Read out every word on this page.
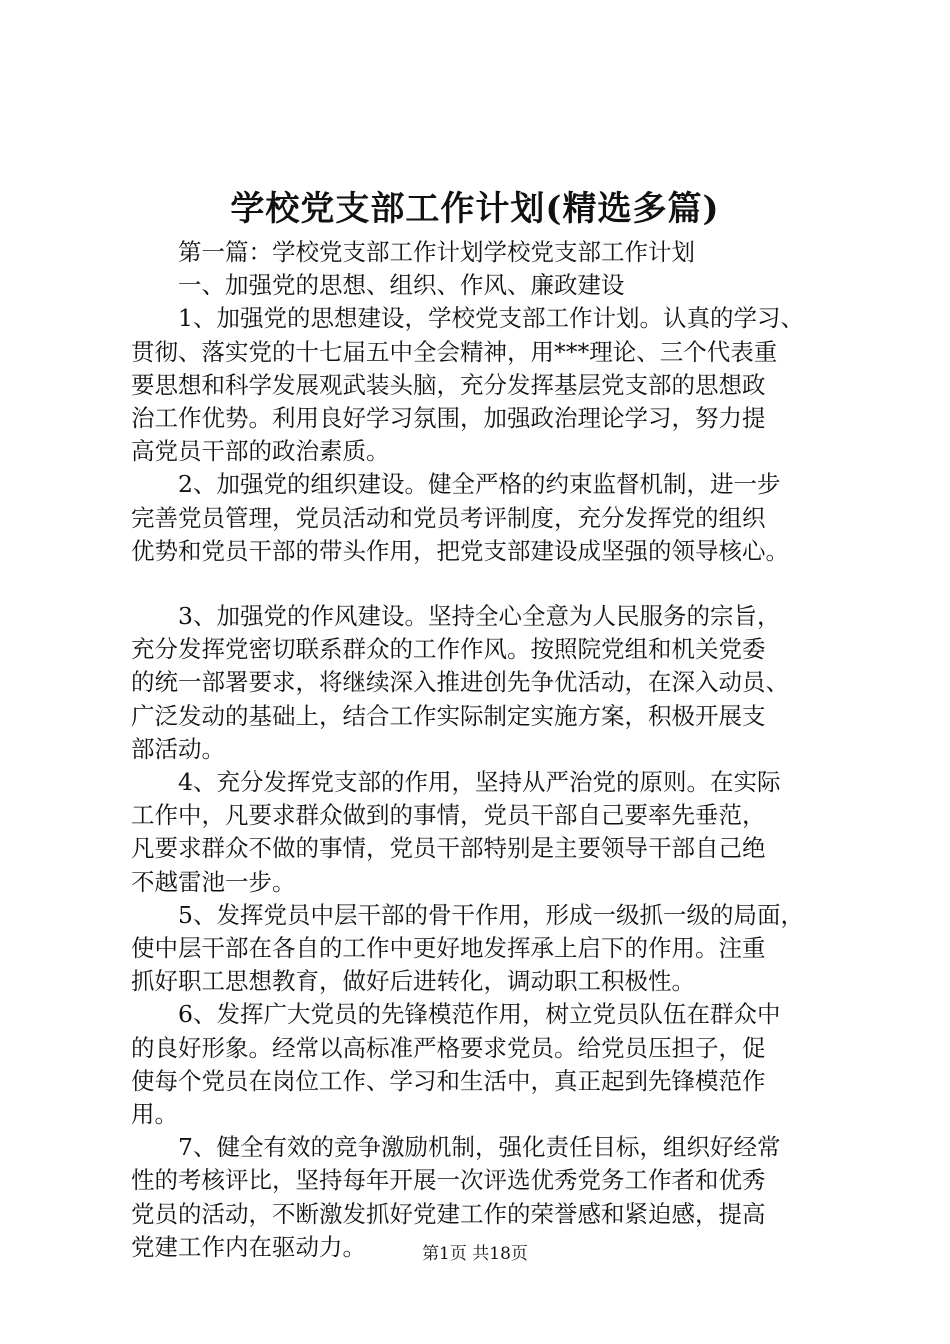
学校党支部工作计划(精选多篇)
第一篇：学校党支部工作计划学校党支部工作计划
一、加强党的思想、组织、作风、廉政建设
1、加强党的思想建设，学校党支部工作计划。认真的学习、
贯彻、落实党的十七届五中全会精神，用***理论、三个代表重
要思想和科学发展观武装头脑，充分发挥基层党支部的思想政
治工作优势。利用良好学习氛围，加强政治理论学习，努力提
高党员干部的政治素质。
2、加强党的组织建设。健全严格的约束监督机制，进一步
完善党员管理，党员活动和党员考评制度，充分发挥党的组织
优势和党员干部的带头作用，把党支部建设成坚强的领导核心。
3、加强党的作风建设。坚持全心全意为人民服务的宗旨，
充分发挥党密切联系群众的工作作风。按照院党组和机关党委
的统一部署要求，将继续深入推进创先争优活动，在深入动员、
广泛发动的基础上，结合工作实际制定实施方案，积极开展支
部活动。
4、充分发挥党支部的作用，坚持从严治党的原则。在实际
工作中，凡要求群众做到的事情，党员干部自己要率先垂范，
凡要求群众不做的事情，党员干部特别是主要领导干部自己绝
不越雷池一步。
5、发挥党员中层干部的骨干作用，形成一级抓一级的局面，
使中层干部在各自的工作中更好地发挥承上启下的作用。注重
抓好职工思想教育，做好后进转化，调动职工积极性。
6、发挥广大党员的先锋模范作用，树立党员队伍在群众中
的良好形象。经常以高标准严格要求党员。给党员压担子，促
使每个党员在岗位工作、学习和生活中，真正起到先锋模范作
用。
7、健全有效的竞争激励机制，强化责任目标，组织好经常
性的考核评比，坚持每年开展一次评选优秀党务工作者和优秀
党员的活动，不断激发抓好党建工作的荣誉感和紧迫感，提高
党建工作内在驱动力。	第1页 共18页
